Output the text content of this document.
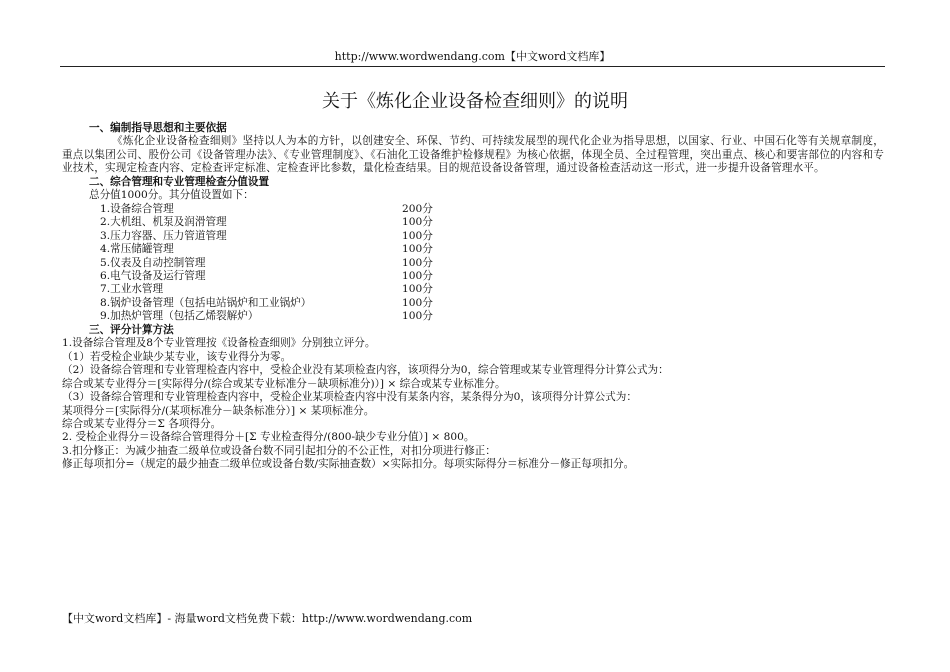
http://www.wordwendang.com【中文word文档库】
关于《炼化企业设备检查细则》的说明

一、编制指导思想和主要依据

《炼化企业设备检查细则》坚持以人为本的方针，以创建安全、环保、节约、可持续发展型的现代化企业为指导思想，以国家、行业、中国石化等有关规章制度，重点以集团公司、股份公司《设备管理办法》、《专业管理制度》、《石油化工设备维护检修规程》为核心依据，体现全员、全过程管理，突出重点、核心和要害部位的内容和专业技术，实现定检查内容、定检查评定标准、定检查评比参数，量化检查结果。目的规范设备设备管理，通过设备检查活动这一形式，进一步提升设备管理水平。

二、综合管理和专业管理检查分值设置

总分值1000分。其分值设置如下：

1.设备综合管理	200分
2.大机组、机泵及润滑管理	100分
3.压力容器、压力管道管理	100分
4.常压储罐管理	100分
5.仪表及自动控制管理	100分
6.电气设备及运行管理	100分
7.工业水管理	100分
8.锅炉设备管理（包括电站锅炉和工业锅炉）	100分
9.加热炉管理（包括乙烯裂解炉）	100分

三、评分计算方法

1.设备综合管理及8个专业管理按《设备检查细则》分别独立评分。

（1）若受检企业缺少某专业，该专业得分为零。

（2）设备综合管理和专业管理检查内容中，受检企业没有某项检查内容，该项得分为0，综合管理或某专业管理得分计算公式为：

综合或某专业得分＝[实际得分/(综合或某专业标准分－缺项标准分)）] × 综合或某专业标准分。

（3）设备综合管理和专业管理检查内容中，受检企业某项检查内容中没有某条内容，某条得分为0，该项得分计算公式为：

某项得分＝[实际得分/(某项标准分－缺条标准分）] × 某项标准分。

综合或某专业得分＝Σ 各项得分。

2. 受检企业得分＝设备综合管理得分＋[Σ 专业检查得分/(800-缺少专业分值）] × 800。

3.扣分修正：为减少抽查二级单位或设备台数不同引起扣分的不公正性，对扣分项进行修正：

修正每项扣分=（规定的最少抽查二级单位或设备台数/实际抽查数）×实际扣分。每项实际得分＝标准分－修正每项扣分。

【中文word文档库】- 海量word文档免费下载：http://www.wordwendang.com
